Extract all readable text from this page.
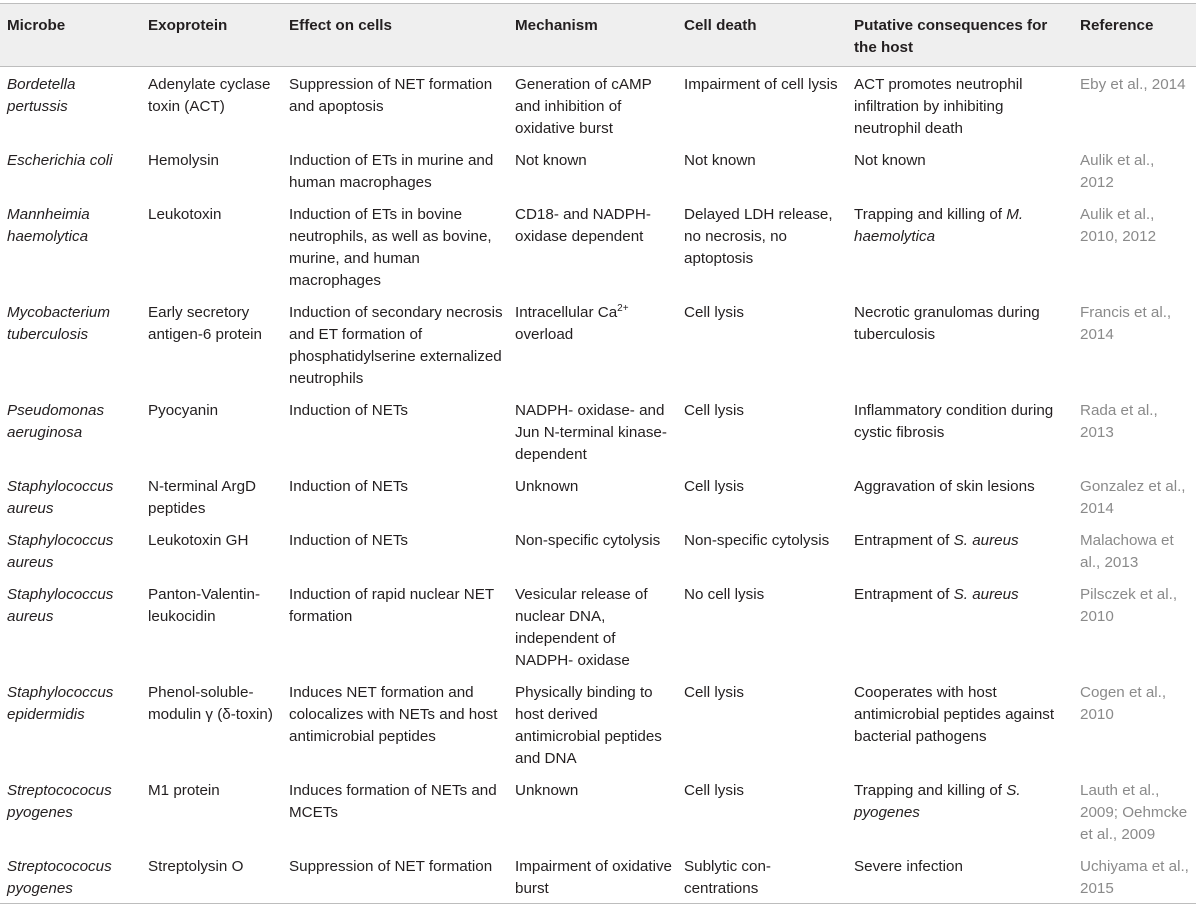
Microbe	Exoprotein	Effect on cells	Mechanism	Cell death	Putative consequences for the host	Reference
Bordetella pertussis	Adenylate cyclase toxin (ACT)	Suppression of NET formation and apoptosis	Generation of cAMP and inhibition of oxidative burst	Impairment of cell lysis	ACT promotes neutrophil infiltration by inhibiting neutrophil death	Eby et al., 2014
Escherichia coli	Hemolysin	Induction of ETs in murine and human macrophages	Not known	Not known	Not known	Aulik et al., 2012
Mannheimia haemolytica	Leukotoxin	Induction of ETs in bovine neutrophils, as well as bovine, murine, and human macrophages	CD18- and NADPH-oxidase dependent	Delayed LDH release, no necrosis, no aptoptosis	Trapping and killing of M. haemolytica	Aulik et al., 2010, 2012
Mycobacterium tuberculosis	Early secretory antigen-6 protein	Induction of secondary necrosis and ET formation of phosphatidylserine externalized neutrophils	Intracellular $Ca^{2+}$ overload	Cell lysis	Necrotic granulomas during tuberculosis	Francis et al., 2014
Pseudomonas aeruginosa	Pyocyanin	Induction of NETs	NADPH- oxidase- and Jun N-terminal kinase-dependent	Cell lysis	Inflammatory condition during cystic fibrosis	Rada et al., 2013
Staphylococcus aureus	N-terminal ArgD peptides	Induction of NETs	Unknown	Cell lysis	Aggravation of skin lesions	Gonzalez et al., 2014
Staphylococcus aureus	Leukotoxin GH	Induction of NETs	Non-specific cytolysis	Non-specific cytolysis	Entrapment of S. aureus	Malachowa et al., 2013
Staphylococcus aureus	Panton-Valentin-leukocidin	Induction of rapid nuclear NET formation	Vesicular release of nuclear DNA, independent of NADPH- oxidase	No cell lysis	Entrapment of S. aureus	Pilsczek et al., 2010
Staphylococcus epidermidis	Phenol-soluble-modulin γ (δ-toxin)	Induces NET formation and colocalizes with NETs and host antimicrobial peptides	Physically binding to host derived antimicrobial peptides and DNA	Cell lysis	Cooperates with host antimicrobial peptides against bacterial pathogens	Cogen et al., 2010
Streptocococus pyogenes	M1 protein	Induces formation of NETs and MCETs	Unknown	Cell lysis	Trapping and killing of S. pyogenes	Lauth et al., 2009; Oehmcke et al., 2009
Streptocococus pyogenes	Streptolysin O	Suppression of NET formation	Impairment of oxidative burst	Sublytic con-centrations	Severe infection	Uchiyama et al., 2015
